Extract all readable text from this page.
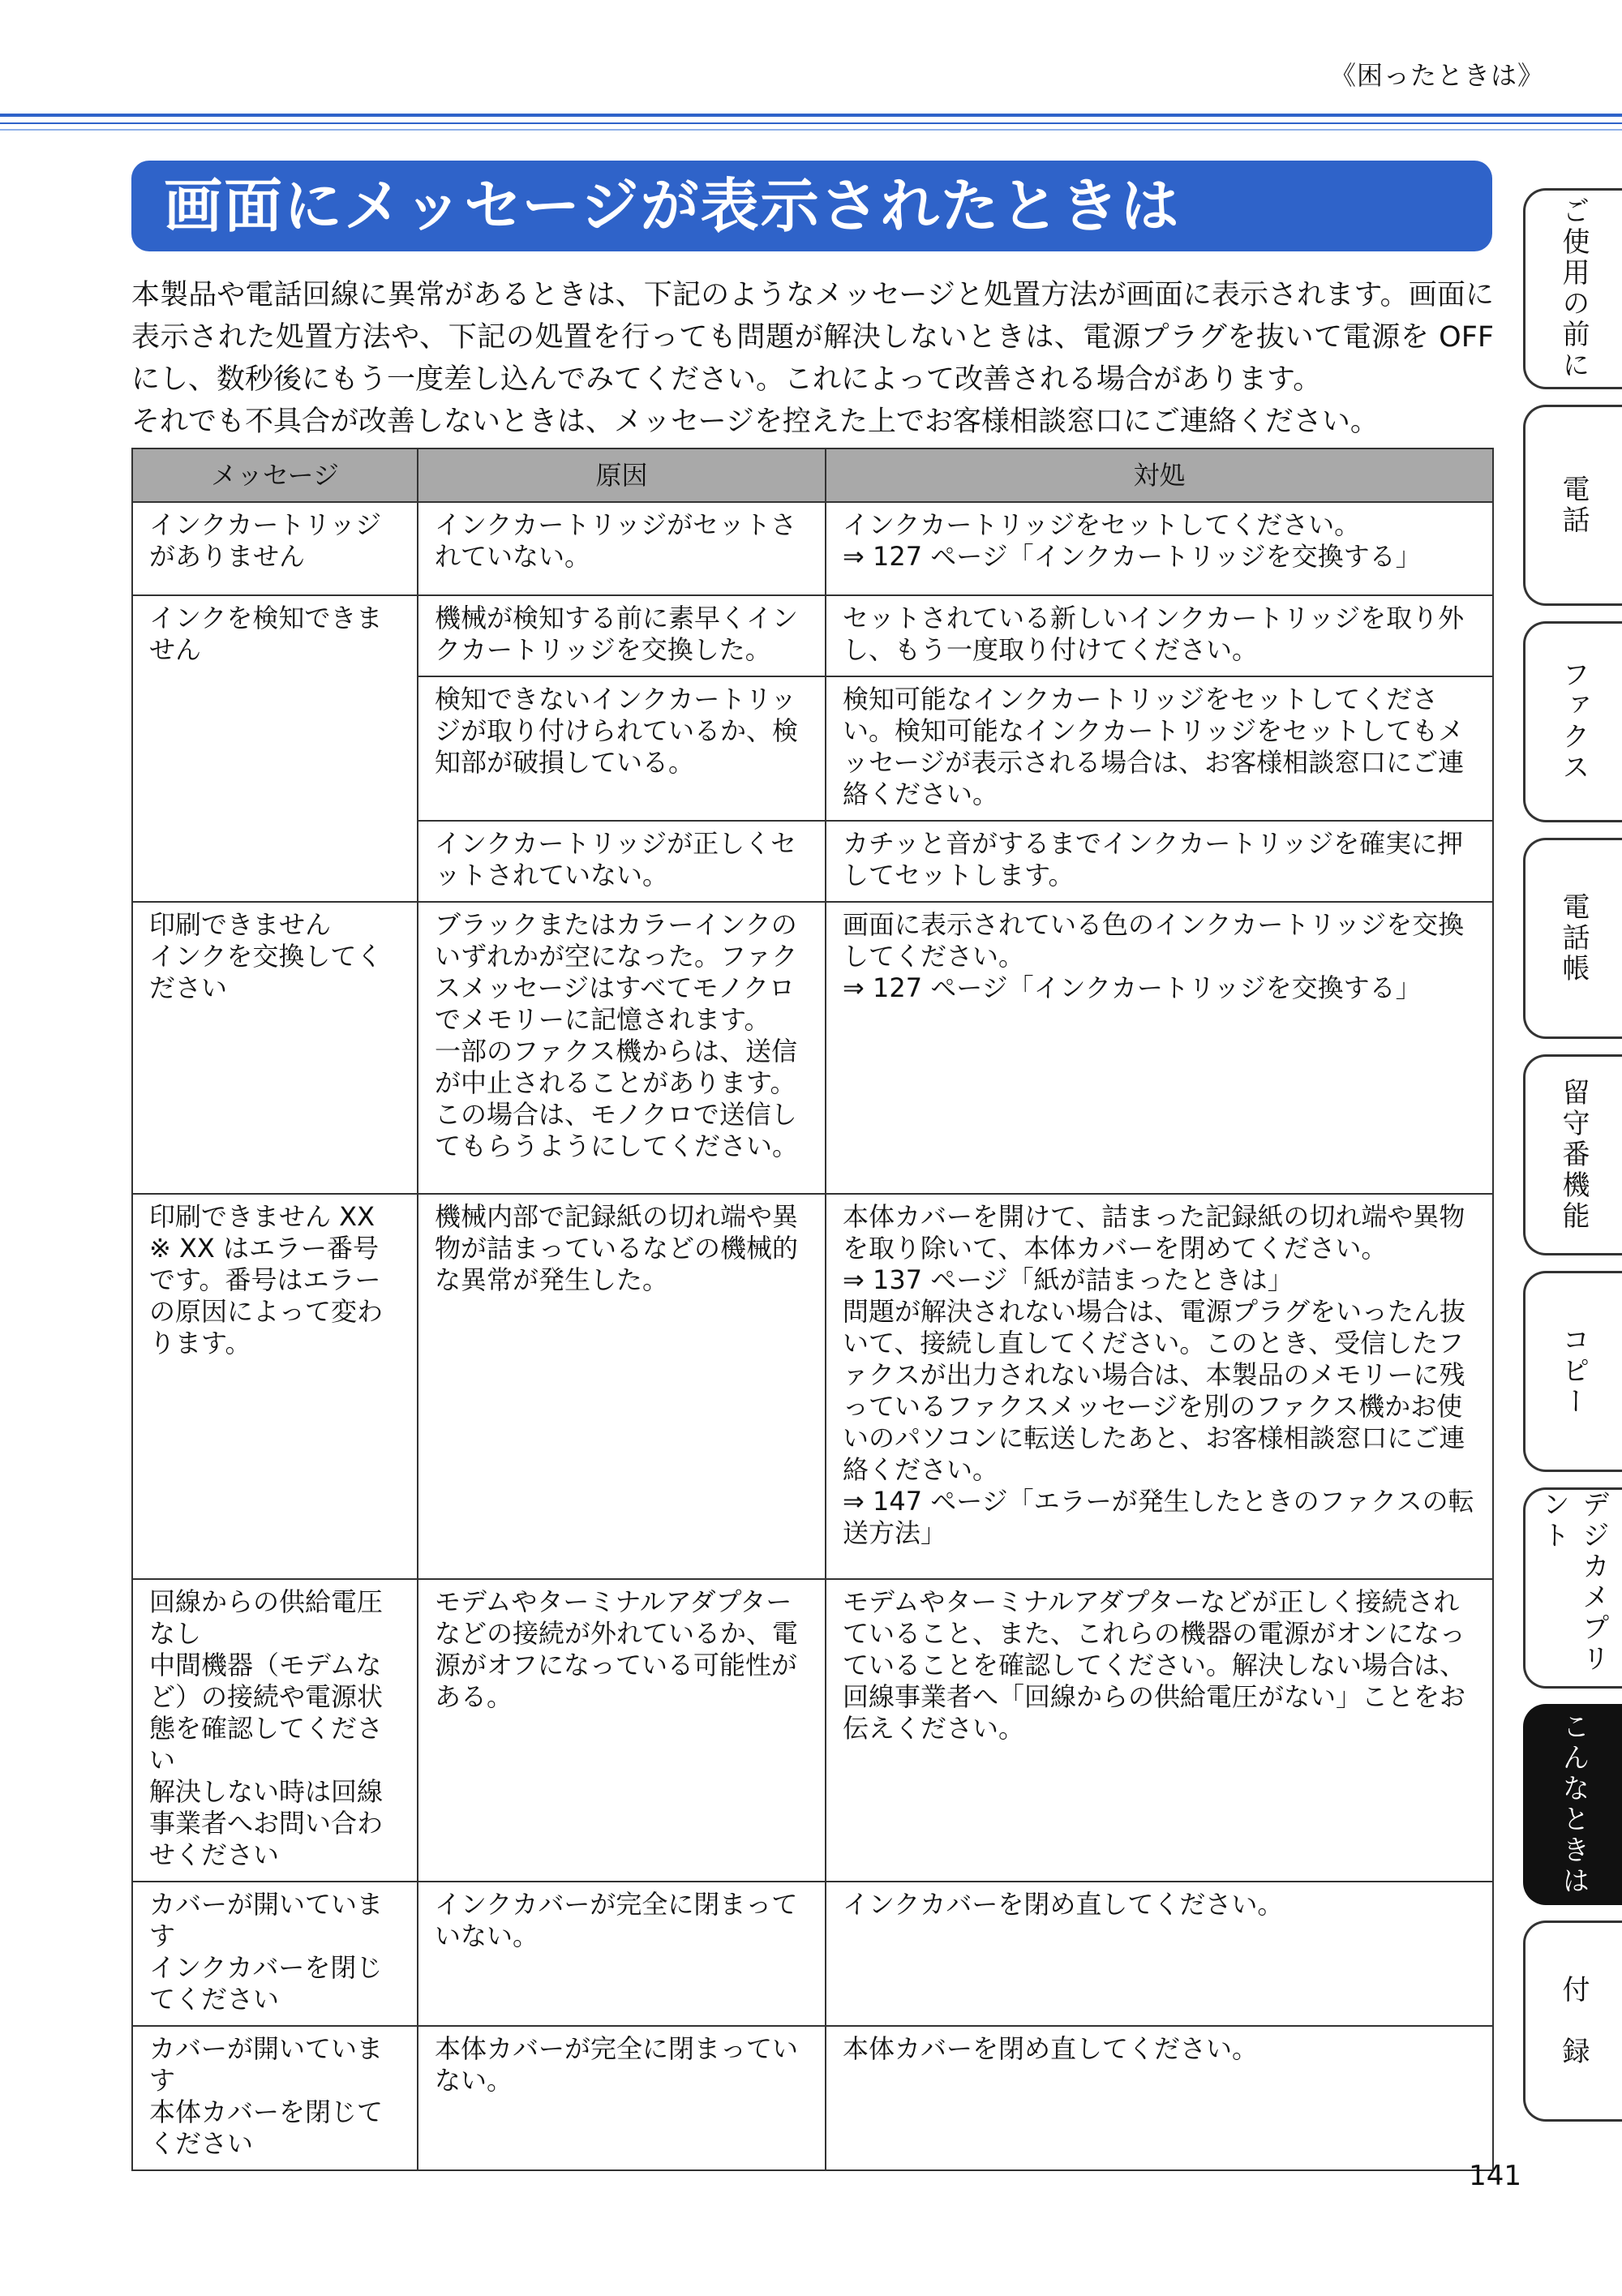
《困ったときは》
画面にメッセージが表示されたときは

本製品や電話回線に異常があるときは、下記のようなメッセージと処置方法が画面に表示されます。画面に表示された処置方法や、下記の処置を行っても問題が解決しないときは、電源プラグを抜いて電源を OFF にし、数秒後にもう一度差し込んでみてください。これによって改善される場合があります。

それでも不具合が改善しないときは、メッセージを控えた上でお客様相談窓口にご連絡ください。

メッセージ	原因	対処

インクカートリッジがありません	インクカートリッジがセットされていない。	インクカートリッジをセットしてください。
⇒ 127 ページ「インクカートリッジを交換する」

インクを検知できません	機械が検知する前に素早くインクカートリッジを交換した。	セットされている新しいインクカートリッジを取り外し、もう一度取り付けてください。

	検知できないインクカートリッジが取り付けられているか、検知部が破損している。	検知可能なインクカートリッジをセットしてください。検知可能なインクカートリッジをセットしてもメッセージが表示される場合は、お客様相談窓口にご連絡ください。

	インクカートリッジが正しくセットされていない。	カチッと音がするまでインクカートリッジを確実に押してセットします。

印刷できません
インクを交換してください	ブラックまたはカラーインクのいずれかが空になった。ファクスメッセージはすべてモノクロでメモリーに記憶されます。
一部のファクス機からは、送信が中止されることがあります。この場合は、モノクロで送信してもらうようにしてください。	画面に表示されている色のインクカートリッジを交換してください。
⇒ 127 ページ「インクカートリッジを交換する」

印刷できません XX
※ XX はエラー番号です。番号はエラーの原因によって変わります。	機械内部で記録紙の切れ端や異物が詰まっているなどの機械的な異常が発生した。	本体カバーを開けて、詰まった記録紙の切れ端や異物を取り除いて、本体カバーを閉めてください。
⇒ 137 ページ「紙が詰まったときは」
問題が解決されない場合は、電源プラグをいったん抜いて、接続し直してください。このとき、受信したファクスが出力されない場合は、本製品のメモリーに残っているファクスメッセージを別のファクス機かお使いのパソコンに転送したあと、お客様相談窓口にご連絡ください。
⇒ 147 ページ「エラーが発生したときのファクスの転送方法」

回線からの供給電圧なし
中間機器（モデムなど）の接続や電源状態を確認してください
解決しない時は回線事業者へお問い合わせください	モデムやターミナルアダプターなどの接続が外れているか、電源がオフになっている可能性がある。	モデムやターミナルアダプターなどが正しく接続されていること、また、これらの機器の電源がオンになっていることを確認してください。解決しない場合は、回線事業者へ「回線からの供給電圧がない」ことをお伝えください。

カバーが開いています
インクカバーを閉じてください	インクカバーが完全に閉まっていない。	インクカバーを閉め直してください。

カバーが開いています
本体カバーを閉じてください	本体カバーが完全に閉まっていない。	本体カバーを閉め直してください。
ご使用の前に
電話
ファクス
電話帳
留守番機能
コピー
デジカメプリント
こんなときは
付　録
141
